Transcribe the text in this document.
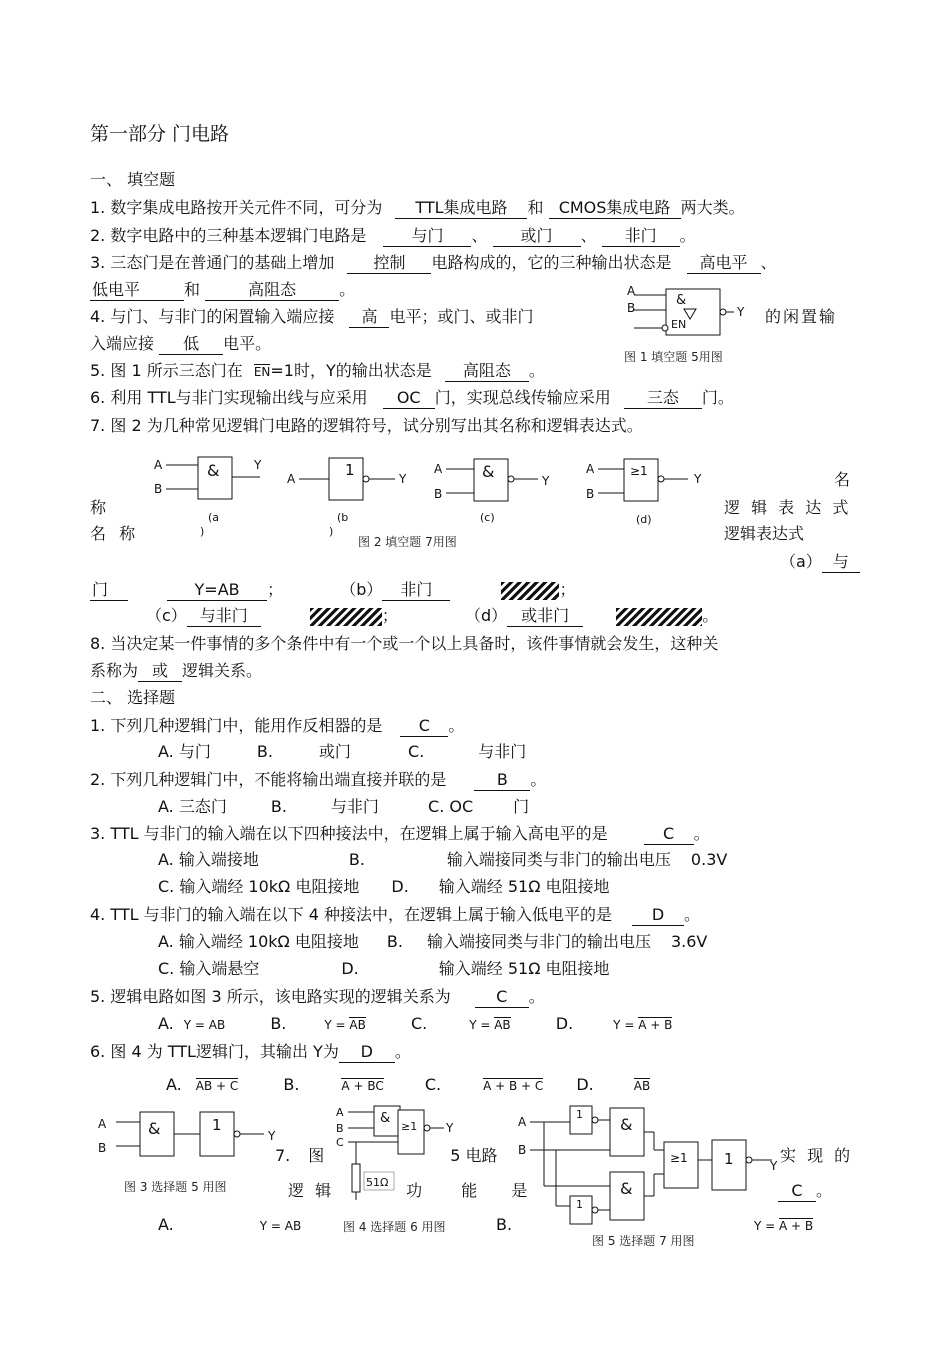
第一部分 门电路
一、 填空题
1. 数字集成电路按开关元件不同，可分为 TTL集成电路 和 CMOS集成电路 两大类。
2. 数字电路中的三种基本逻辑门电路是	与门 、 或门 、 非门 。
3. 三态门是在普通门的基础上增加 控制 电路构成的，它的三种输出状态是 高电平 、
低电平	和	高阻态	。
4. 与门、与非门的闲置输入端应接 高 电平；或门、或非门	的闲置输
入端应接 低 电平。
A
B	&
EN
Y
图 1 填空题 5用图
5. 图 1 所示三态门在 EN=1时，Y的输出状态是 高阻态 。
6. 利用 TTL与非门实现输出线与应采用 OC 门，实现总线传输应采用 三态 门。
7. 图 2 为几种常见逻辑门电路的逻辑符号，试分别写出其名称和逻辑表达式。
A
B
&	Y
(a
)
A	1	Y
(b
)
A
B
&	Y
(c)
A
B
≥1
Y
(d)
图 2 填空题 7用图
称
名 称
名
逻 辑 表 达 式
逻辑表达式
（a） 与
门	Y=AB ；	（b） 非门	；
（c） 与非门	；	（d） 或非门	。
8. 当决定某一件事情的多个条件中有一个或一个以上具备时，该件事情就会发生，这种关
系称为 或 逻辑关系。
二、 选择题
1. 下列几种逻辑门中，能用作反相器的是 C 。
A. 与门	B.	或门	C.	与非门
2. 下列几种逻辑门中，不能将输出端直接并联的是	B 。
A. 三态门	B.	与非门	C. OC	门
3. TTL 与非门的输入端在以下四种接法中，在逻辑上属于输入高电平的是	C 。
A. 输入端接地	B.	输入端接同类与非门的输出电压 0.3V
C. 输入端经 10kΩ 电阻接地 D. 输入端经 51Ω 电阻接地
4. TTL 与非门的输入端在以下 4 种接法中，在逻辑上属于输入低电平的是 D 。
A. 输入端经 10kΩ 电阻接地 B. 输入端接同类与非门的输出电压 3.6V
C. 输入端悬空	D.	输入端经 51Ω 电阻接地
5. 逻辑电路如图 3 所示，该电路实现的逻辑关系为	C 。
A. Y = AB	B.	Y = AB	C.	Y = AB	D.	Y = A + B
6. 图 4 为 TTL逻辑门，其输出 Y为 D 。
A. AB + C	B.	A + BC	C.	A + B + C D.	AB
A
B
&	1
Y
图 3 选择题 5 用图
A
B
C
&
≥1 Y
51Ω
图 4 选择题 6 用图
A
B
1
1
&
&
≥1 1	Y
图 5 选择题 7 用图
7. 图	5 电路	实 现 的
逻 辑	功 能 是	C 。
A.	Y = AB	B.	Y = A + B
